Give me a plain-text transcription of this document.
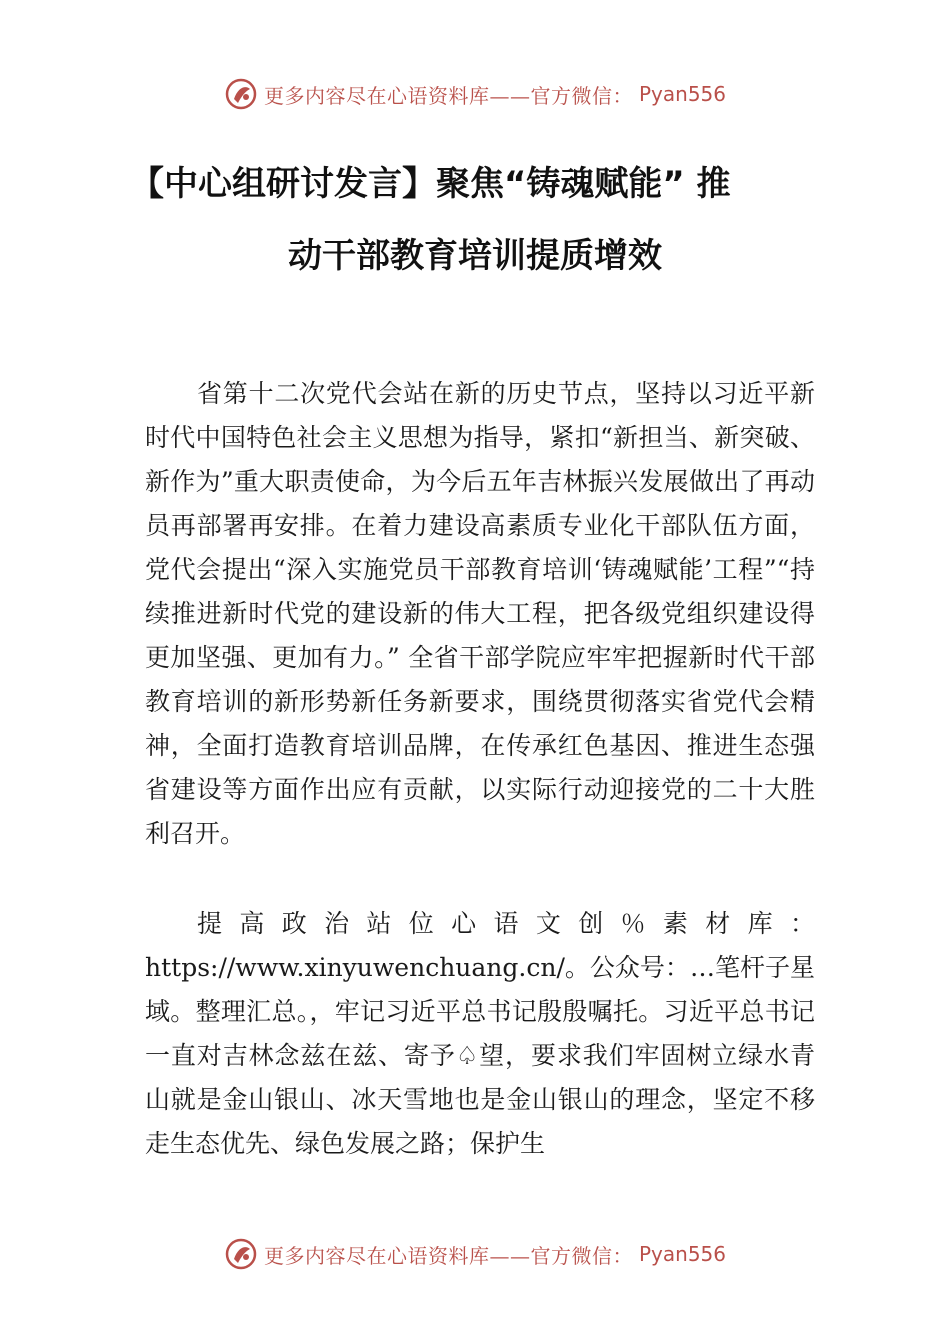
更多内容尽在心语资料库——官方微信： Pyan556
【中心组研讨发言】聚焦“铸魂赋能” 推
动干部教育培训提质增效

省第十二次党代会站在新的历史节点，坚持以习近平新时代中国特色社会主义思想为指导，紧扣“新担当、新突破、新作为”重大职责使命，为今后五年吉林振兴发展做出了再动员再部署再安排。在着力建设高素质专业化干部队伍方面，党代会提出“深入实施党员干部教育培训‘铸魂赋能’工程”“持续推进新时代党的建设新的伟大工程，把各级党组织建设得更加坚强、更加有力。” 全省干部学院应牢牢把握新时代干部教育培训的新形势新任务新要求，围绕贯彻落实省党代会精神，全面打造教育培训品牌，在传承红色基因、推进生态强省建设等方面作出应有贡献，以实际行动迎接党的二十大胜利召开。

提高政治站位心语文创％素材库：https://www.xinyuwenchuang.cn/。公众号：…笔杆子星域。整理汇总。，牢记习近平总书记殷殷嘱托。习近平总书记一直对吉林念兹在兹、寄予♤望，要求我们牢固树立绿水青山就是金山银山、冰天雪地也是金山银山的理念，坚定不移走生态优先、绿色发展之路；保护生

更多内容尽在心语资料库——官方微信： Pyan556
